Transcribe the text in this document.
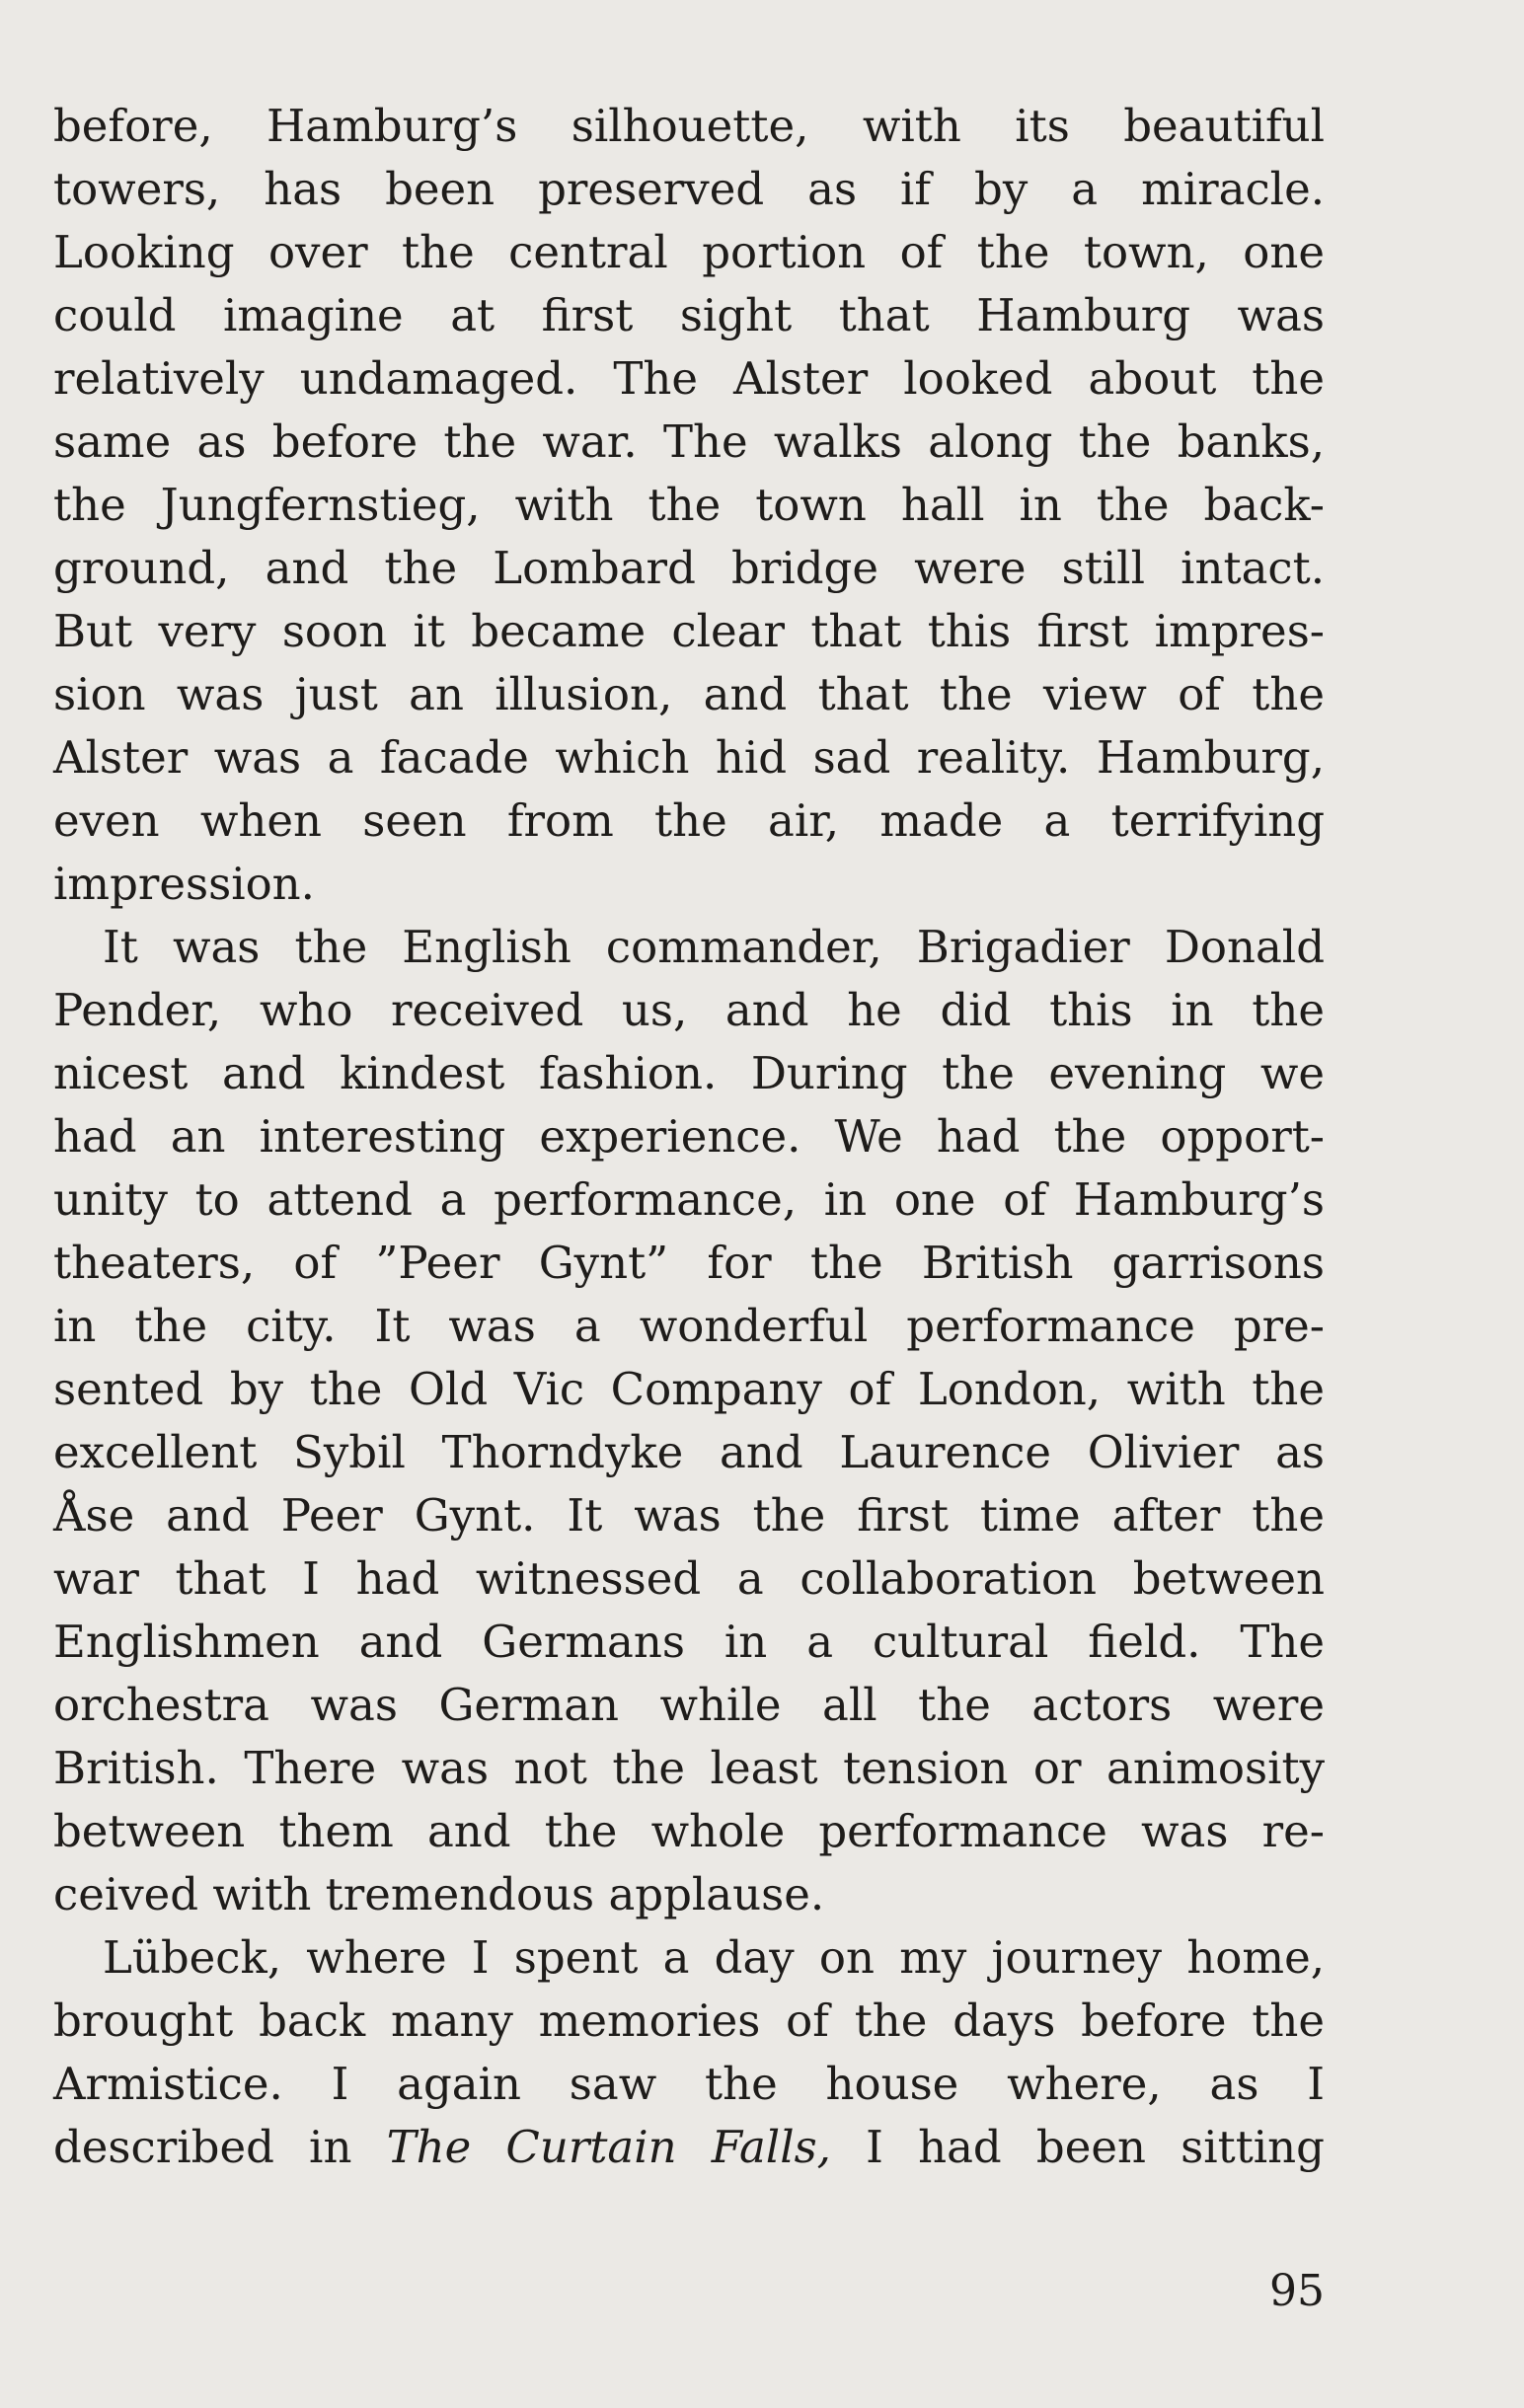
before, Hamburg’s silhouette, with its beautiful
towers, has been preserved as if by a miracle.
Looking over the central portion of the town, one
could imagine at first sight that Hamburg was
relatively undamaged. The Alster looked about the
same as before the war. The walks along the banks,
the Jungfernstieg, with the town hall in the back-
ground, and the Lombard bridge were still intact.
But very soon it became clear that this first impres-
sion was just an illusion, and that the view of the
Alster was a facade which hid sad reality. Hamburg,
even when seen from the air, made a terrifying
impression.
It was the English commander, Brigadier Donald
Pender, who received us, and he did this in the
nicest and kindest fashion. During the evening we
had an interesting experience. We had the opport-
unity to attend a performance, in one of Hamburg’s
theaters, of ”Peer Gynt” for the British garrisons
in the city. It was a wonderful performance pre-
sented by the Old Vic Company of London, with the
excellent Sybil Thorndyke and Laurence Olivier as
Åse and Peer Gynt. It was the first time after the
war that I had witnessed a collaboration between
Englishmen and Germans in a cultural field. The
orchestra was German while all the actors were
British. There was not the least tension or animosity
between them and the whole performance was re-
ceived with tremendous applause.
Lübeck, where I spent a day on my journey home,
brought back many memories of the days before the
Armistice. I again saw the house where, as I
described in The Curtain Falls, I had been sitting
95
